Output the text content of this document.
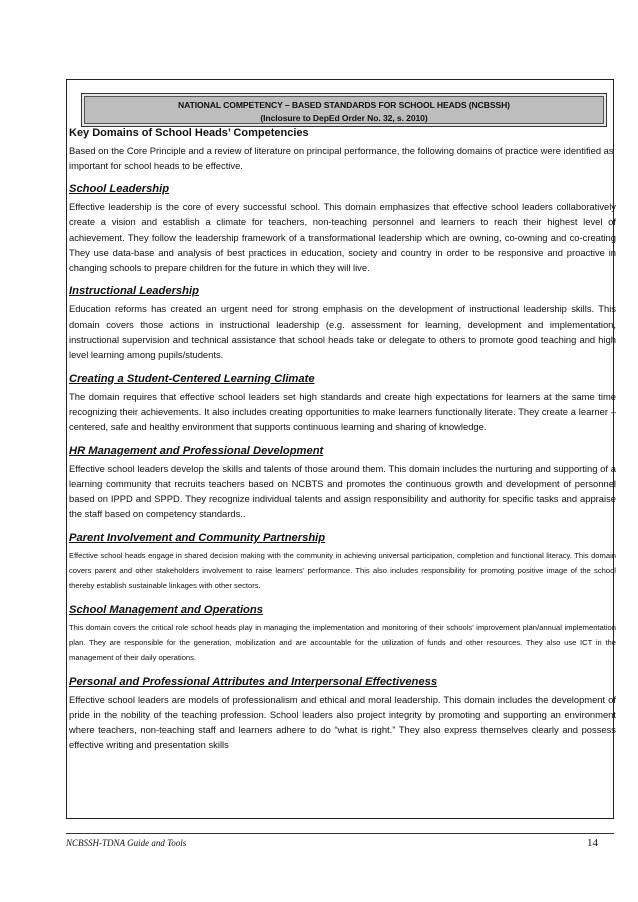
NATIONAL COMPETENCY – BASED STANDARDS FOR SCHOOL HEADS (NCBSSH)
(Inclosure to DepEd Order No. 32, s. 2010)
Key Domains of School Heads’ Competencies

Based on the Core Principle and a review of literature on principal performance, the following domains of practice were identified as important for school heads to be effective.

School Leadership

Effective leadership is the core of every successful school. This domain emphasizes that effective school leaders collaboratively create a vision and establish a climate for teachers, non-teaching personnel and learners to reach their highest level of achievement. They follow the leadership framework of a transformational leadership which are owning, co-owning and co-creating They use data-base and analysis of best practices in education, society and country in order to be responsive and proactive in changing schools to prepare children for the future in which they will live.

Instructional Leadership

Education reforms has created an urgent need for strong emphasis on the development of instructional leadership skills. This domain covers those actions in instructional leadership (e.g. assessment for learning, development and implementation, instructional supervision and technical assistance that school heads take or delegate to others to promote good teaching and high level learning among pupils/students.

Creating a Student-Centered Learning Climate

The domain requires that effective school leaders set high standards and create high expectations for learners at the same time recognizing their achievements. It also includes creating opportunities to make learners functionally literate. They create a learner – centered, safe and healthy environment that supports continuous learning and sharing of knowledge.

HR Management and Professional Development

Effective school leaders develop the skills and talents of those around them. This domain includes the nurturing and supporting of a learning community that recruits teachers based on NCBTS and promotes the continuous growth and development of personnel based on IPPD and SPPD. They recognize individual talents and assign responsibility and authority for specific tasks and appraise the staff based on competency standards..

Parent Involvement and Community Partnership

Effective school heads engage in shared decision making with the community in achieving universal participation, completion and functional literacy. This domain covers parent and other stakeholders involvement to raise learners’ performance. This also includes responsibility for promoting positive image of the school thereby establish sustainable linkages with other sectors.

School Management and Operations

This domain covers the critical role school heads play in managing the implementation and monitoring of their schools’ improvement plan/annual implementation plan. They are responsible for the generation, mobilization and are accountable for the utilization of funds and other resources. They also use ICT in the management of their daily operations.

Personal and Professional Attributes and Interpersonal Effectiveness

Effective school leaders are models of professionalism and ethical and moral leadership. This domain includes the development of pride in the nobility of the teaching profession. School leaders also project integrity by promoting and supporting an environment where teachers, non-teaching staff and learners adhere to do “what is right.” They also express themselves clearly and possess effective writing and presentation skills

NCBSSH-TDNA Guide and Tools	14
